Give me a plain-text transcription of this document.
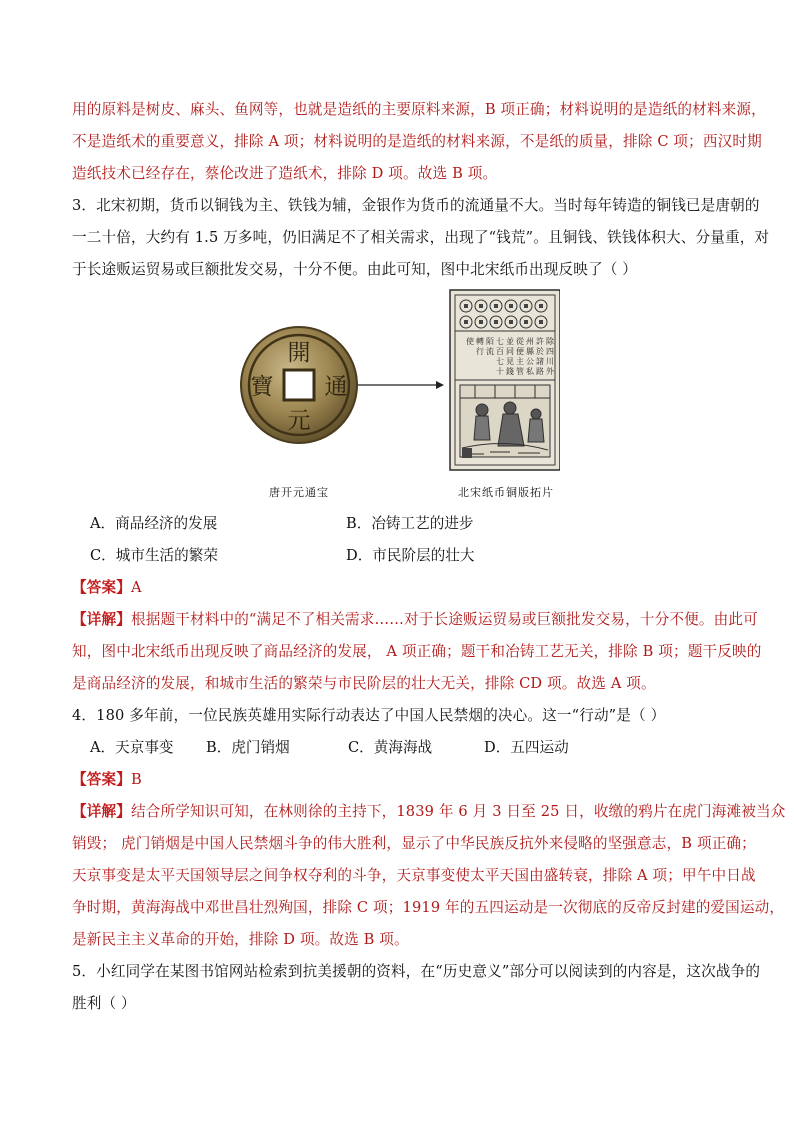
用的原料是树皮、麻头、鱼网等，也就是造纸的主要原料来源，B 项正确；材料说明的是造纸的材料来源，
不是造纸术的重要意义，排除 A 项；材料说明的是造纸的材料来源，不是纸的质量，排除 C 项；西汉时期
造纸技术已经存在，蔡伦改进了造纸术，排除 D 项。故选 B 项。
3．北宋初期，货币以铜钱为主、铁钱为辅，金银作为货币的流通量不大。当时每年铸造的铜钱已是唐朝的
一二十倍，大约有 1.5 万多吨，仍旧满足不了相关需求，出现了“钱荒”。且铜钱、铁钱体积大、分量重，对
于长途贩运贸易或巨额批发交易，十分不便。由此可知，图中北宋纸币出现反映了（ ）
開
通
元
寶
除
四
川
外
許
於
諸
路
州
縣
公
私
從
便
主
管
並
同
見
錢
七
百
七
十
陌
流
轉
行
使
唐开元通宝	北宋纸币铜版拓片
A．商品经济的发展	B．冶铸工艺的进步
C．城市生活的繁荣	D．市民阶层的壮大
【答案】A
【详解】根据题干材料中的“满足不了相关需求……对于长途贩运贸易或巨额批发交易，十分不便。由此可
知，图中北宋纸币出现反映了商品经济的发展， A 项正确；题干和冶铸工艺无关，排除 B 项；题干反映的
是商品经济的发展，和城市生活的繁荣与市民阶层的壮大无关，排除 CD 项。故选 A 项。
4．180 多年前，一位民族英雄用实际行动表达了中国人民禁烟的决心。这一“行动”是（ ）
A．天京事变 B．虎门销烟	C．黄海海战	D．五四运动
【答案】B
【详解】结合所学知识可知，在林则徐的主持下，1839 年 6 月 3 日至 25 日，收缴的鸦片在虎门海滩被当众
销毁； 虎门销烟是中国人民禁烟斗争的伟大胜利，显示了中华民族反抗外来侵略的坚强意志，B 项正确；
天京事变是太平天国领导层之间争权夺利的斗争，天京事变使太平天国由盛转衰，排除 A 项；甲午中日战
争时期，黄海海战中邓世昌壮烈殉国，排除 C 项；1919 年的五四运动是一次彻底的反帝反封建的爱国运动，
是新民主主义革命的开始，排除 D 项。故选 B 项。
5．小红同学在某图书馆网站检索到抗美援朝的资料，在“历史意义”部分可以阅读到的内容是，这次战争的
胜利（ ）
